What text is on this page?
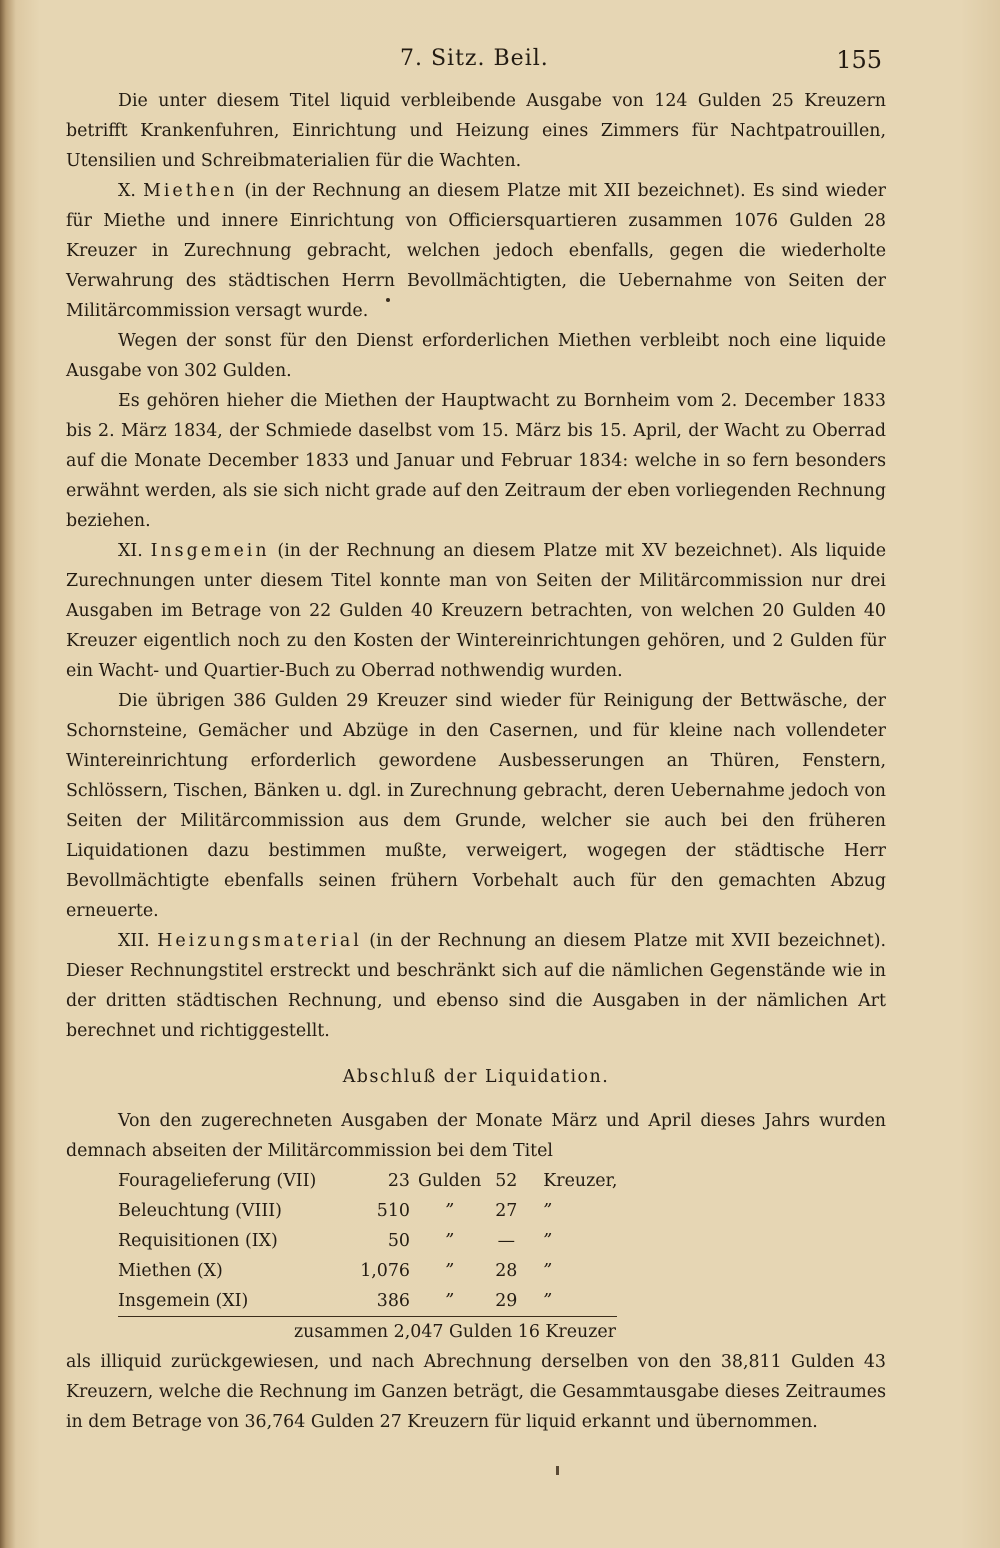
7. Sitz. Beil.	155

Die unter diesem Titel liquid verbleibende Ausgabe von 124 Gulden 25 Kreuzern betrifft Krankenfuhren, Einrichtung und Heizung eines Zimmers für Nachtpatrouillen, Utensilien und Schreibmaterialien für die Wachten.

X. Miethen (in der Rechnung an diesem Platze mit XII bezeichnet). Es sind wieder für Miethe und innere Einrichtung von Officiersquartieren zusammen 1076 Gulden 28 Kreuzer in Zurechnung gebracht, welchen jedoch ebenfalls, gegen die wiederholte Verwahrung des städtischen Herrn Bevollmächtigten, die Uebernahme von Seiten der Militärcommission versagt wurde.

Wegen der sonst für den Dienst erforderlichen Miethen verbleibt noch eine liquide Ausgabe von 302 Gulden.

Es gehören hieher die Miethen der Hauptwacht zu Bornheim vom 2. December 1833 bis 2. März 1834, der Schmiede daselbst vom 15. März bis 15. April, der Wacht zu Oberrad auf die Monate December 1833 und Januar und Februar 1834: welche in so fern besonders erwähnt werden, als sie sich nicht grade auf den Zeitraum der eben vorliegenden Rechnung beziehen.

XI. Insgemein (in der Rechnung an diesem Platze mit XV bezeichnet). Als liquide Zurechnungen unter diesem Titel konnte man von Seiten der Militärcommission nur drei Ausgaben im Betrage von 22 Gulden 40 Kreuzern betrachten, von welchen 20 Gulden 40 Kreuzer eigentlich noch zu den Kosten der Wintereinrichtungen gehören, und 2 Gulden für ein Wacht- und Quartier-Buch zu Oberrad nothwendig wurden.

Die übrigen 386 Gulden 29 Kreuzer sind wieder für Reinigung der Bettwäsche, der Schornsteine, Gemächer und Abzüge in den Casernen, und für kleine nach vollendeter Wintereinrichtung erforderlich gewordene Ausbesserungen an Thüren, Fenstern, Schlössern, Tischen, Bänken u. dgl. in Zurechnung gebracht, deren Uebernahme jedoch von Seiten der Militärcommission aus dem Grunde, welcher sie auch bei den früheren Liquidationen dazu bestimmen mußte, verweigert, wogegen der städtische Herr Bevollmächtigte ebenfalls seinen frühern Vorbehalt auch für den gemachten Abzug erneuerte.

XII. Heizungsmaterial (in der Rechnung an diesem Platze mit XVII bezeichnet). Dieser Rechnungstitel erstreckt und beschränkt sich auf die nämlichen Gegenstände wie in der dritten städtischen Rechnung, und ebenso sind die Ausgaben in der nämlichen Art berechnet und richtiggestellt.

Abschluß der Liquidation.

Von den zugerechneten Ausgaben der Monate März und April dieses Jahrs wurden demnach abseiten der Militärcommission bei dem Titel

Fouragelieferung (VII)	23	Gulden	52	Kreuzer,
Beleuchtung (VIII)	510	”	27	”
Requisitionen (IX)	50	”	—	”
Miethen (X)	1,076	”	28	”
Insgemein (XI)	386	”	29	”

zusammen 2,047 Gulden 16 Kreuzer

als illiquid zurückgewiesen, und nach Abrechnung derselben von den 38,811 Gulden 43 Kreuzern, welche die Rechnung im Ganzen beträgt, die Gesammtausgabe dieses Zeitraumes in dem Betrage von 36,764 Gulden 27 Kreuzern für liquid erkannt und übernommen.
